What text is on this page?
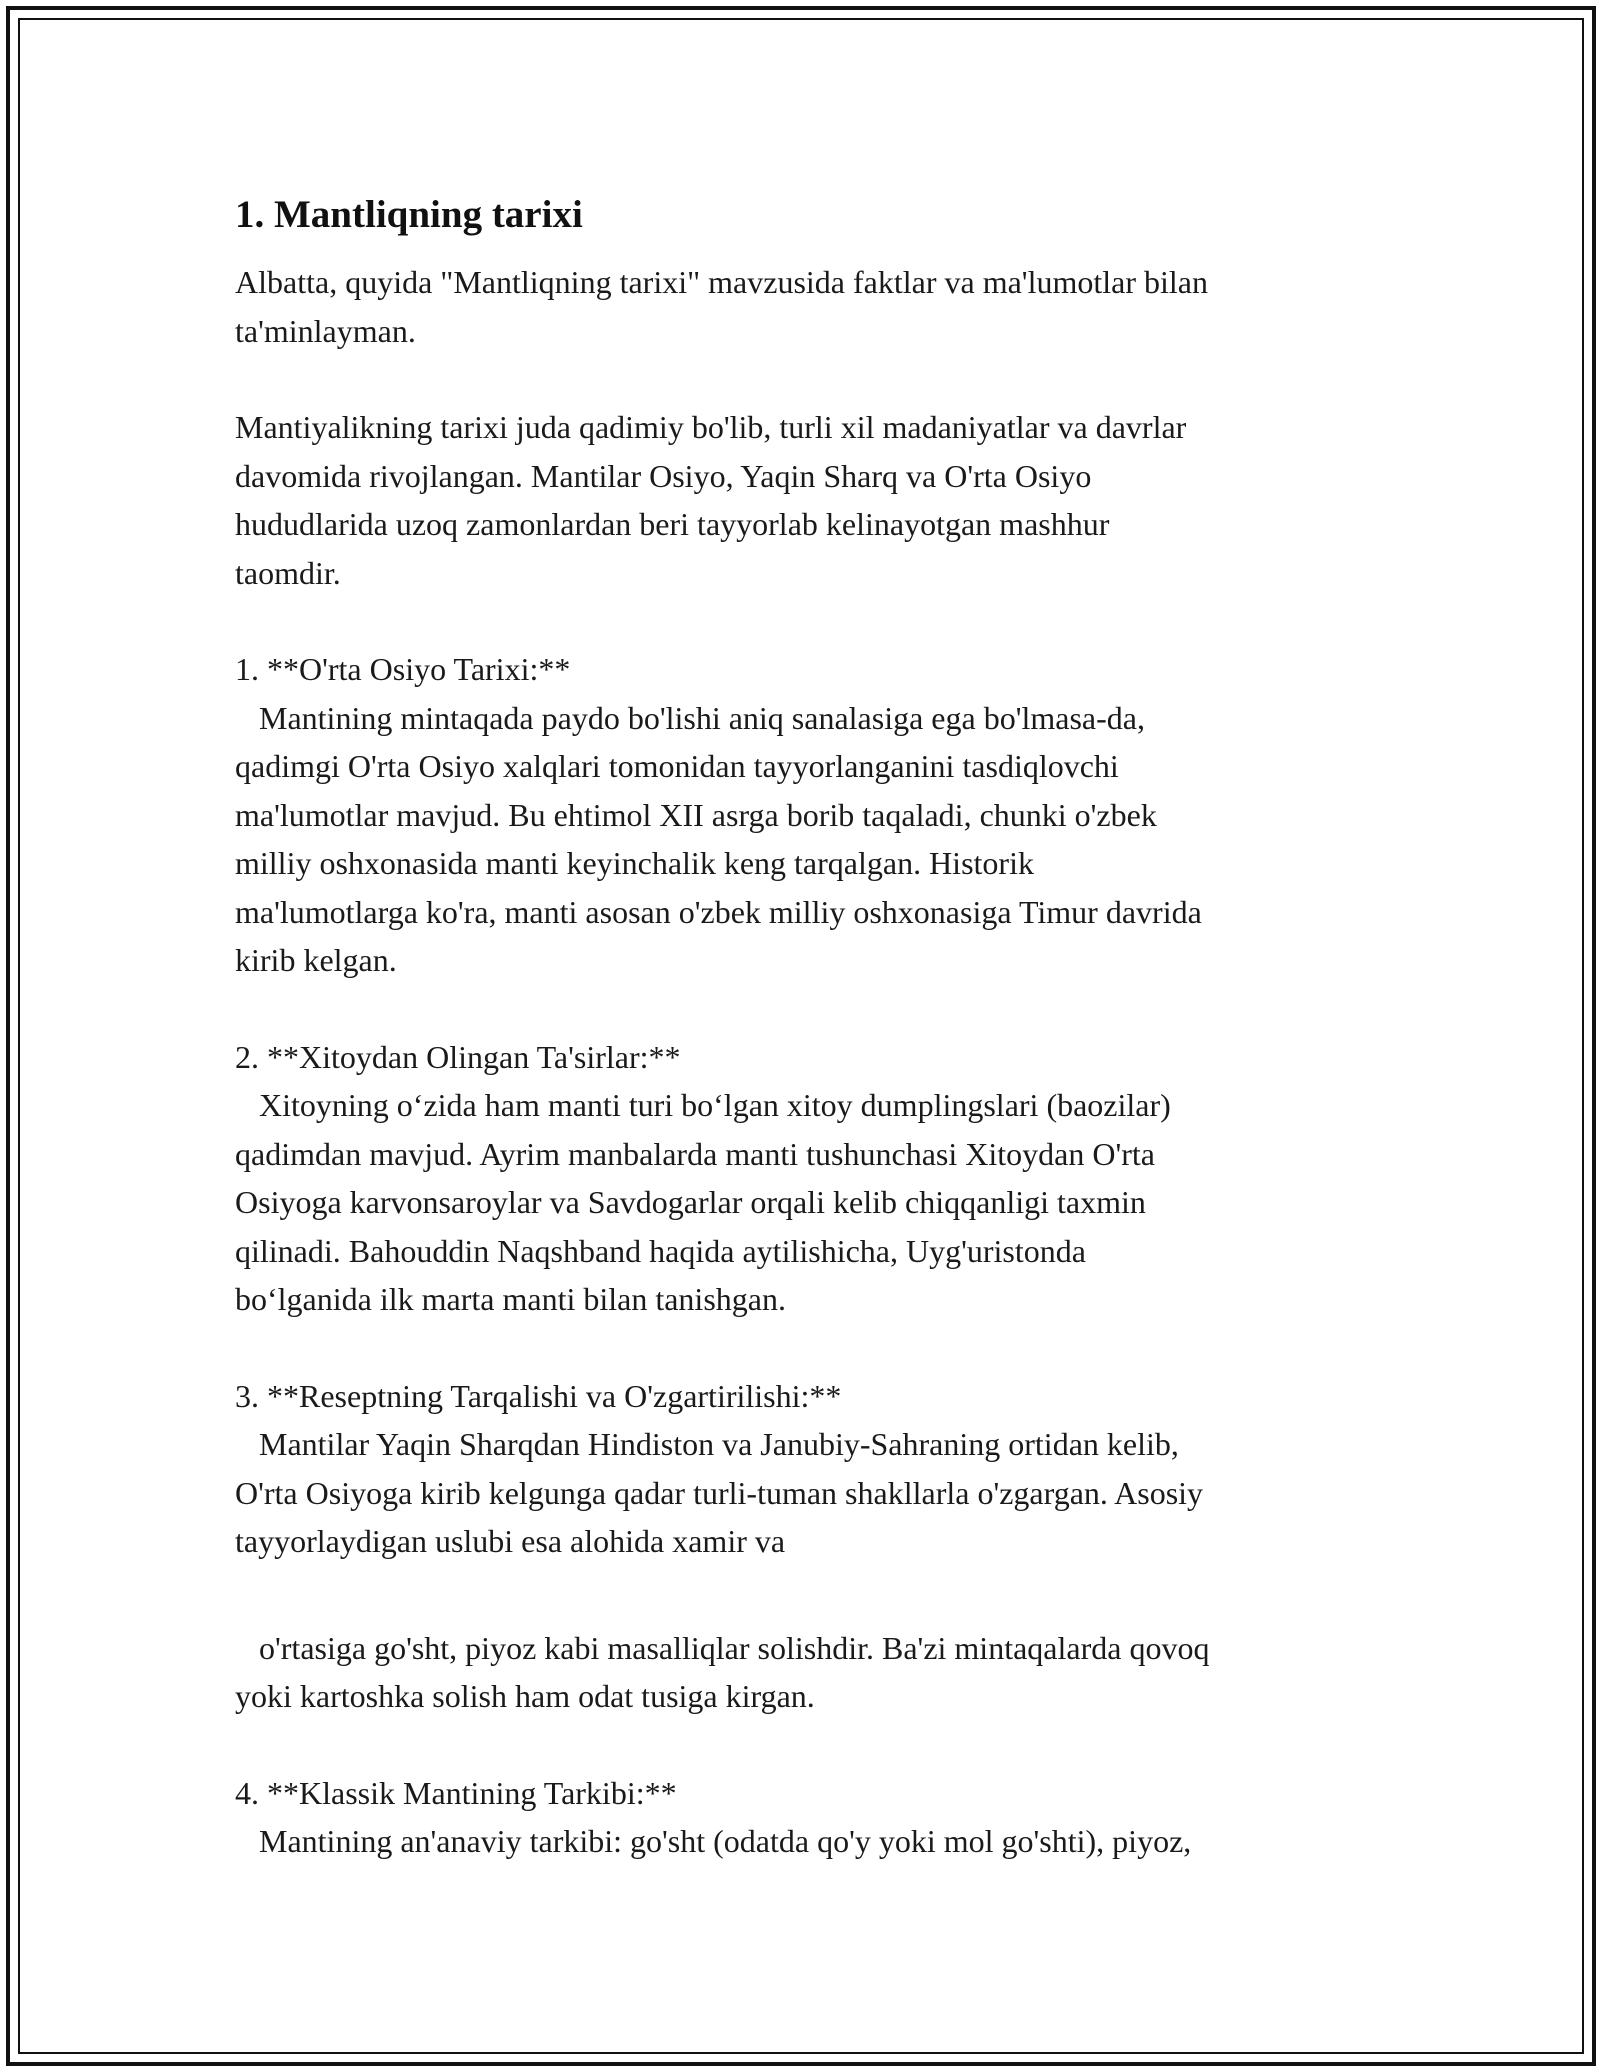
1. Mantliqning tarixi

Albatta, quyida "Mantliqning tarixi" mavzusida faktlar va ma'lumotlar bilan
ta'minlayman.

Mantiyalikning tarixi juda qadimiy bo'lib, turli xil madaniyatlar va davrlar
davomida rivojlangan. Mantilar Osiyo, Yaqin Sharq va O'rta Osiyo
hududlarida uzoq zamonlardan beri tayyorlab kelinayotgan mashhur
taomdir.

1. **O'rta Osiyo Tarixi:**

Mantining mintaqada paydo bo'lishi aniq sanalasiga ega bo'lmasa-da,
qadimgi O'rta Osiyo xalqlari tomonidan tayyorlanganini tasdiqlovchi
ma'lumotlar mavjud. Bu ehtimol XII asrga borib taqaladi, chunki o'zbek
milliy oshxonasida manti keyinchalik keng tarqalgan. Historik
ma'lumotlarga ko'ra, manti asosan o'zbek milliy oshxonasiga Timur davrida
kirib kelgan.

2. **Xitoydan Olingan Ta'sirlar:**

Xitoyning o‘zida ham manti turi bo‘lgan xitoy dumplingslari (baozilar)
qadimdan mavjud. Ayrim manbalarda manti tushunchasi Xitoydan O'rta
Osiyoga karvonsaroylar va Savdogarlar orqali kelib chiqqanligi taxmin
qilinadi. Bahouddin Naqshband haqida aytilishicha, Uyg'uristonda
bo‘lganida ilk marta manti bilan tanishgan.

3. **Reseptning Tarqalishi va O'zgartirilishi:**

Mantilar Yaqin Sharqdan Hindiston va Janubiy-Sahraning ortidan kelib,
O'rta Osiyoga kirib kelgunga qadar turli-tuman shakllarla o'zgargan. Asosiy
tayyorlaydigan uslubi esa alohida xamir va

o'rtasiga go'sht, piyoz kabi masalliqlar solishdir. Ba'zi mintaqalarda qovoq
yoki kartoshka solish ham odat tusiga kirgan.

4. **Klassik Mantining Tarkibi:**

Mantining an'anaviy tarkibi: go'sht (odatda qo'y yoki mol go'shti), piyoz,
